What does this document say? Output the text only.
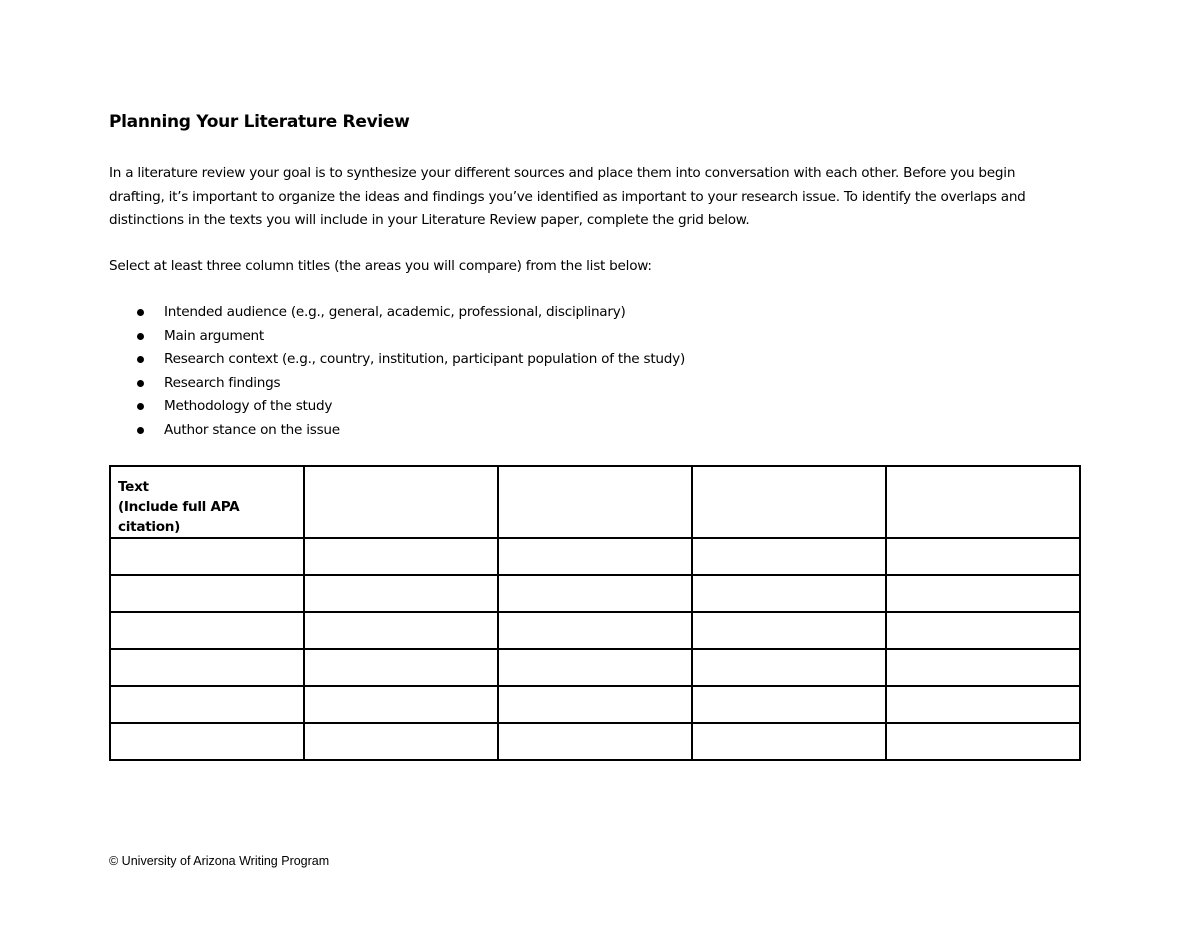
Planning Your Literature Review

In a literature review your goal is to synthesize your different sources and place them into conversation with each other. Before you begin drafting, it’s important to organize the ideas and findings you’ve identified as important to your research issue. To identify the overlaps and distinctions in the texts you will include in your Literature Review paper, complete the grid below.

Select at least three column titles (the areas you will compare) from the list below:

Intended audience (e.g., general, academic, professional, disciplinary)
Main argument
Research context (e.g., country, institution, participant population of the study)
Research findings
Methodology of the study
Author stance on the issue
Text
(Include full APA citation)				

© University of Arizona Writing Program
